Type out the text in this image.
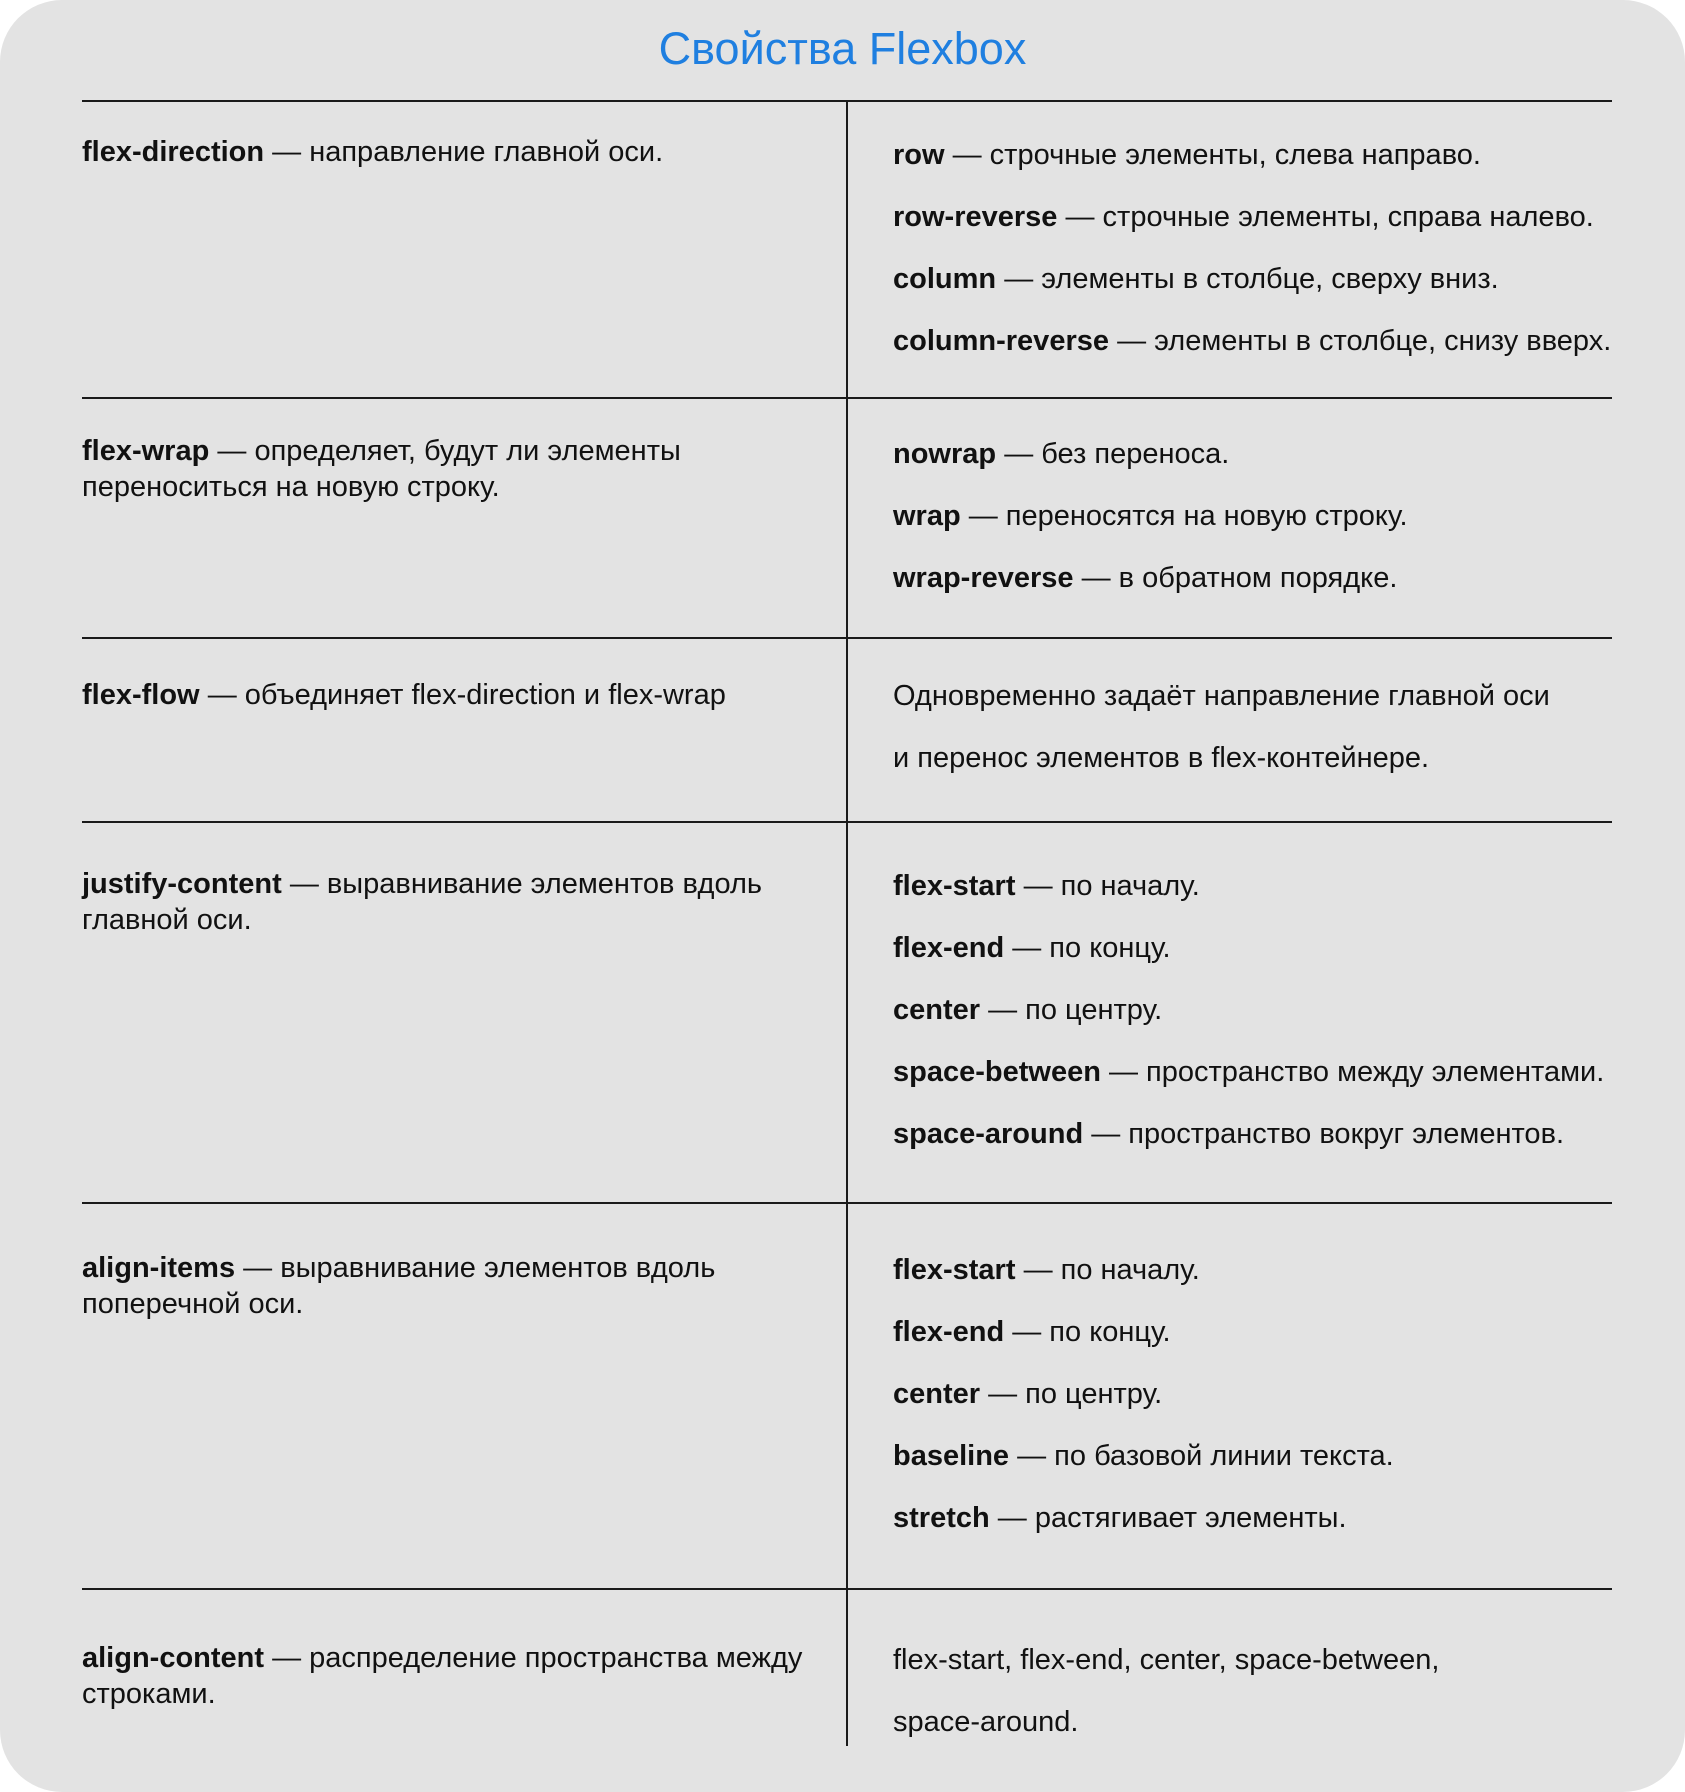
Свойства Flexbox
flex-direction — направление главной оси.	row — строчные элементы, слева направо.
row-reverse — строчные элементы, справа налево.
column — элементы в столбце, сверху вниз.
column-reverse — элементы в столбце, снизу вверх.
flex-wrap — определяет, будут ли элементы переноситься на новую строку.
nowrap — без переноса.
wrap — переносятся на новую строку.
wrap-reverse — в обратном порядке.
flex-flow — объединяет flex-direction и flex-wrap	Одновременно задаёт направление главной оси
и перенос элементов в flex-контейнере.
justify-content — выравнивание элементов вдоль главной оси.
flex-start — по началу.
flex-end — по концу.
center — по центру.
space-between — пространство между элементами.
space-around — пространство вокруг элементов.
align-items — выравнивание элементов вдоль поперечной оси.
flex-start — по началу.
flex-end — по концу.
center — по центру.
baseline — по базовой линии текста.
stretch — растягивает элементы.
align-content — распределение пространства между строками.
flex-start, flex-end, center, space-between,
space-around.
